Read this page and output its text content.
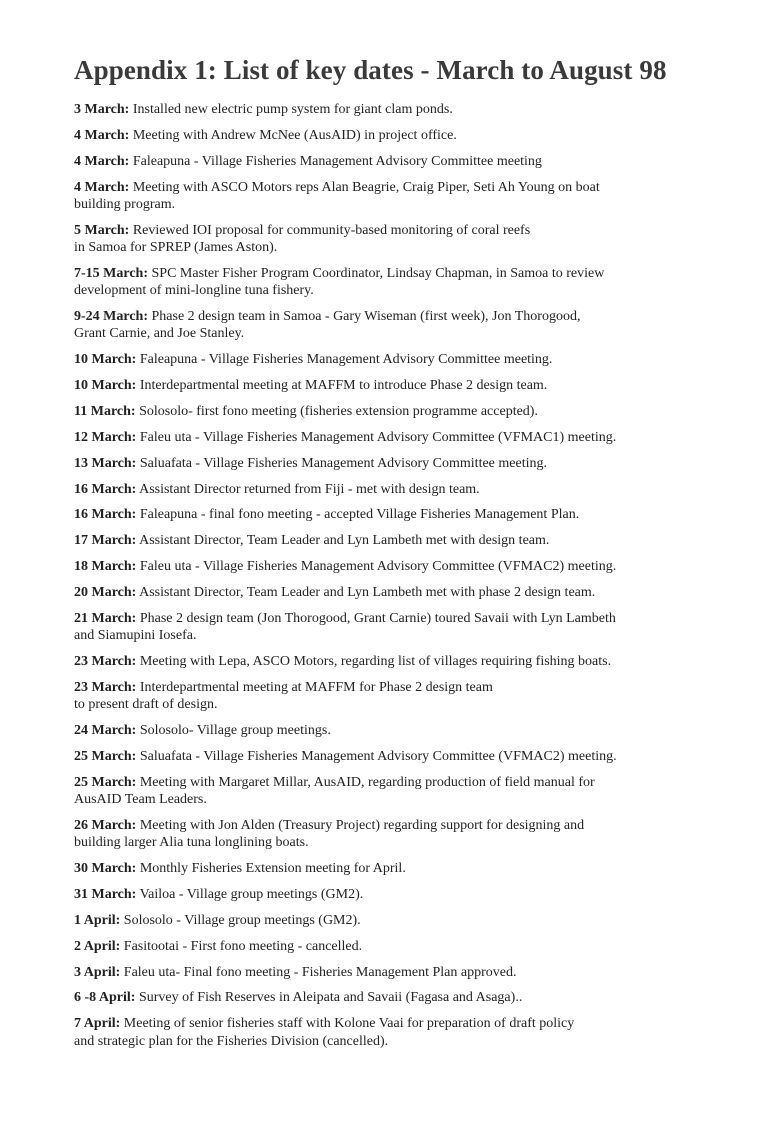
Appendix 1: List of key dates - March to August 98
3 March: Installed new electric pump system for giant clam ponds.
4 March: Meeting with Andrew McNee (AusAID) in project office.
4 March: Faleapuna - Village Fisheries Management Advisory Committee meeting
4 March: Meeting with ASCO Motors reps Alan Beagrie, Craig Piper, Seti Ah Young on boat
building program.
5 March: Reviewed IOI proposal for community-based monitoring of coral reefs
in Samoa for SPREP (James Aston).
7-15 March: SPC Master Fisher Program Coordinator, Lindsay Chapman, in Samoa to review
development of mini-longline tuna fishery.
9-24 March: Phase 2 design team in Samoa - Gary Wiseman (first week), Jon Thorogood,
Grant Carnie, and Joe Stanley.
10 March: Faleapuna - Village Fisheries Management Advisory Committee meeting.
10 March: Interdepartmental meeting at MAFFM to introduce Phase 2 design team.
11 March: Solosolo- first fono meeting (fisheries extension programme accepted).
12 March: Faleu uta - Village Fisheries Management Advisory Committee (VFMAC1) meeting.
13 March: Saluafata - Village Fisheries Management Advisory Committee meeting.
16 March: Assistant Director returned from Fiji - met with design team.
16 March: Faleapuna - final fono meeting - accepted Village Fisheries Management Plan.
17 March: Assistant Director, Team Leader and Lyn Lambeth met with design team.
18 March: Faleu uta - Village Fisheries Management Advisory Committee (VFMAC2) meeting.
20 March: Assistant Director, Team Leader and Lyn Lambeth met with phase 2 design team.
21 March: Phase 2 design team (Jon Thorogood, Grant Carnie) toured Savaii with Lyn Lambeth
and Siamupini Iosefa.
23 March: Meeting with Lepa, ASCO Motors, regarding list of villages requiring fishing boats.
23 March: Interdepartmental meeting at MAFFM for Phase 2 design team
to present draft of design.
24 March: Solosolo- Village group meetings.
25 March: Saluafata - Village Fisheries Management Advisory Committee (VFMAC2) meeting.
25 March: Meeting with Margaret Millar, AusAID, regarding production of field manual for
AusAID Team Leaders.
26 March: Meeting with Jon Alden (Treasury Project) regarding support for designing and
building larger Alia tuna longlining boats.
30 March: Monthly Fisheries Extension meeting for April.
31 March: Vailoa - Village group meetings (GM2).
1 April: Solosolo - Village group meetings (GM2).
2 April: Fasitootai - First fono meeting - cancelled.
3 April: Faleu uta- Final fono meeting - Fisheries Management Plan approved.
6 -8 April: Survey of Fish Reserves in Aleipata and Savaii (Fagasa and Asaga)..
7 April: Meeting of senior fisheries staff with Kolone Vaai for preparation of draft policy
and strategic plan for the Fisheries Division (cancelled).
